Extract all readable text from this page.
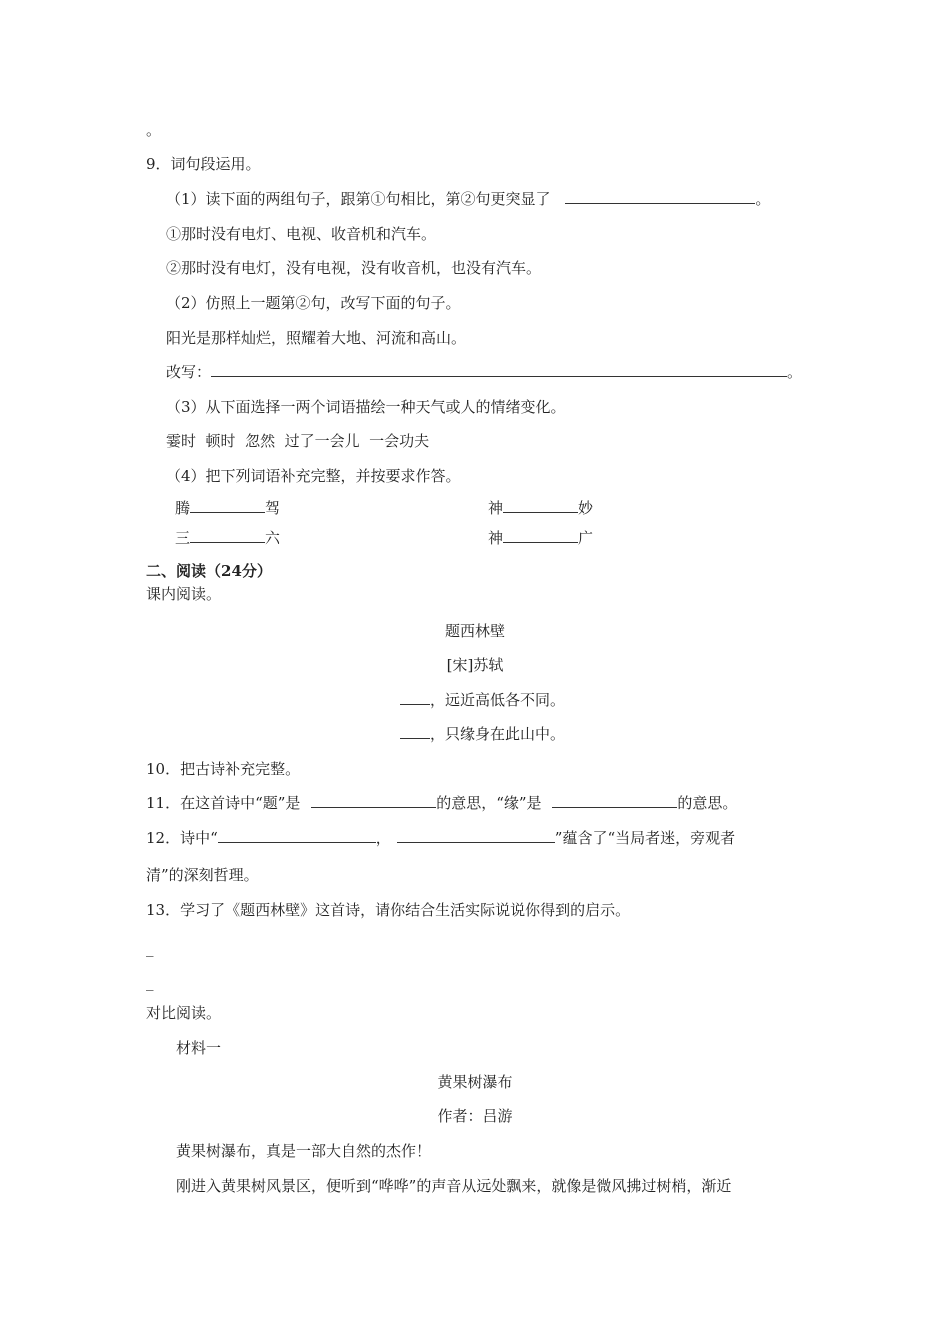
。
9．词句段运用。
（1）读下面的两组句子，跟第①句相比，第②句更突显了	。
①那时没有电灯、电视、收音机和汽车。
②那时没有电灯，没有电视，没有收音机，也没有汽车。
（2）仿照上一题第②句，改写下面的句子。
阳光是那样灿烂，照耀着大地、河流和高山。
改写：	。
（3）从下面选择一两个词语描绘一种天气或人的情绪变化。
霎时  顿时  忽然  过了一会儿  一会功夫
（4）把下列词语补充完整，并按要求作答。
腾	驾	神	妙
三	六	神	广
二、阅读（24分）
课内阅读。
题西林壁
[宋]苏轼
，远近高低各不同。
，只缘身在此山中。
10．把古诗补充完整。
11．在这首诗中“题”是	的意思，“缘”是	的意思。
12．诗中“	，	”蕴含了“当局者迷，旁观者
清”的深刻哲理。
13．学习了《题西林壁》这首诗，请你结合生活实际说说你得到的启示。
_
_
对比阅读。
材料一
黄果树瀑布
作者：吕游
黄果树瀑布，真是一部大自然的杰作！
刚进入黄果树风景区，便听到“哗哗”的声音从远处飘来，就像是微风拂过树梢，渐近
